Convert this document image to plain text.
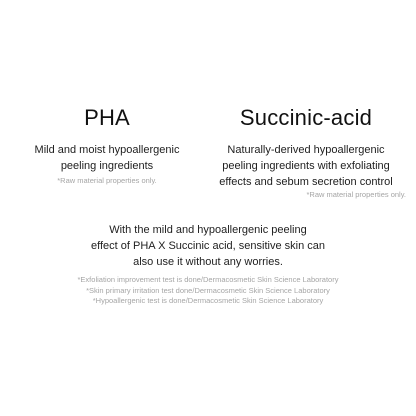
PHA

Mild and moist hypoallergenic
peeling ingredients

*Raw material properties only.
Succinic-acid

Naturally-derived hypoallergenic
peeling ingredients with exfoliating
effects and sebum secretion control

*Raw material properties only.
With the mild and hypoallergenic peeling
effect of PHA X Succinic acid, sensitive skin can
also use it without any worries.
*Exfoliation improvement test is done/Dermacosmetic Skin Science Laboratory
*Skin primary irritation test done/Dermacosmetic Skin Science Laboratory
*Hypoallergenic test is done/Dermacosmetic Skin Science Laboratory
